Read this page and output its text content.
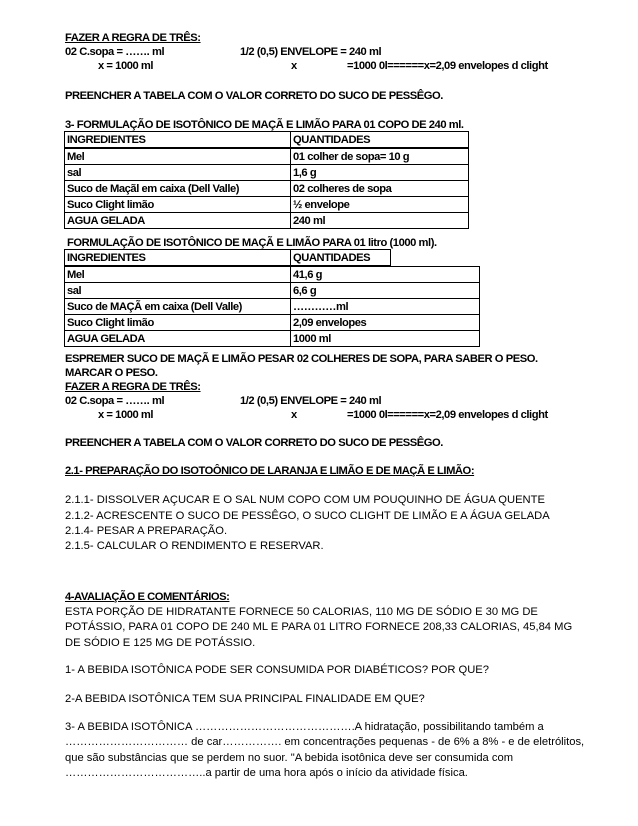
FAZER A REGRA DE TRÊS:
02 C.sopa = ……. ml	1/2 (0,5) ENVELOPE = 240 ml
x = 1000 ml	x	=1000 0l======x=2,09 envelopes d clight
PREENCHER A TABELA COM O VALOR CORRETO DO SUCO DE PESSÊGO.
3- FORMULAÇÃO DE ISOTÔNICO DE MAÇÃ E LIMÃO PARA 01 COPO DE 240 ml.
INGREDIENTES	QUANTIDADES
Mel	01 colher de sopa= 10 g
sal	1,6 g
Suco de Maçãl em caixa (Dell Valle)	02 colheres de sopa
Suco Clight limão	½ envelope
AGUA GELADA	240 ml
FORMULAÇÃO DE ISOTÔNICO DE MAÇÃ E LIMÃO PARA 01 litro (1000 ml).
INGREDIENTES	QUANTIDADES	
Mel	41,6 g	
sal	6,6 g	
Suco de MAÇÃ em caixa (Dell Valle)	…………ml	
Suco Clight limão	2,09 envelopes	
AGUA GELADA	1000 ml	
ESPREMER SUCO DE MAÇÃ E LIMÃO PESAR 02 COLHERES DE SOPA, PARA SABER O PESO.
MARCAR O PESO.
FAZER A REGRA DE TRÊS:
02 C.sopa = ……. ml	1/2 (0,5) ENVELOPE = 240 ml
x = 1000 ml	x	=1000 0l======x=2,09 envelopes d clight
PREENCHER A TABELA COM O VALOR CORRETO DO SUCO DE PESSÊGO.
2.1- PREPARAÇÃO DO ISOTOÔNICO DE LARANJA E LIMÃO E DE MAÇÃ E LIMÃO:
2.1.1- DISSOLVER AÇUCAR E O SAL NUM COPO COM UM POUQUINHO DE ÁGUA QUENTE
2.1.2- ACRESCENTE O SUCO DE PESSÊGO, O SUCO CLIGHT DE LIMÃO E A ÁGUA GELADA
2.1.4- PESAR A PREPARAÇÃO.
2.1.5- CALCULAR O RENDIMENTO E RESERVAR.
4-AVALIAÇÃO E COMENTÁRIOS:
ESTA PORÇÃO DE HIDRATANTE FORNECE 50 CALORIAS, 110 MG DE SÓDIO E 30 MG DE
POTÁSSIO, PARA 01 COPO DE 240 ML E PARA 01 LITRO FORNECE 208,33 CALORIAS, 45,84 MG
DE SÓDIO E 125 MG DE POTÁSSIO.
1- A BEBIDA ISOTÔNICA PODE SER CONSUMIDA POR DIABÉTICOS? POR QUE?
2-A BEBIDA ISOTÔNICA TEM SUA PRINCIPAL FINALIDADE EM QUE?
3- A BEBIDA ISOTÔNICA …………………………………….A hidratação, possibilitando também a
…………………………… de car……………. em concentrações pequenas - de 6% a 8% - e de eletrólitos,
que são substâncias que se perdem no suor. "A bebida isotônica deve ser consumida com
………………………………..a partir de uma hora após o início da atividade física.
